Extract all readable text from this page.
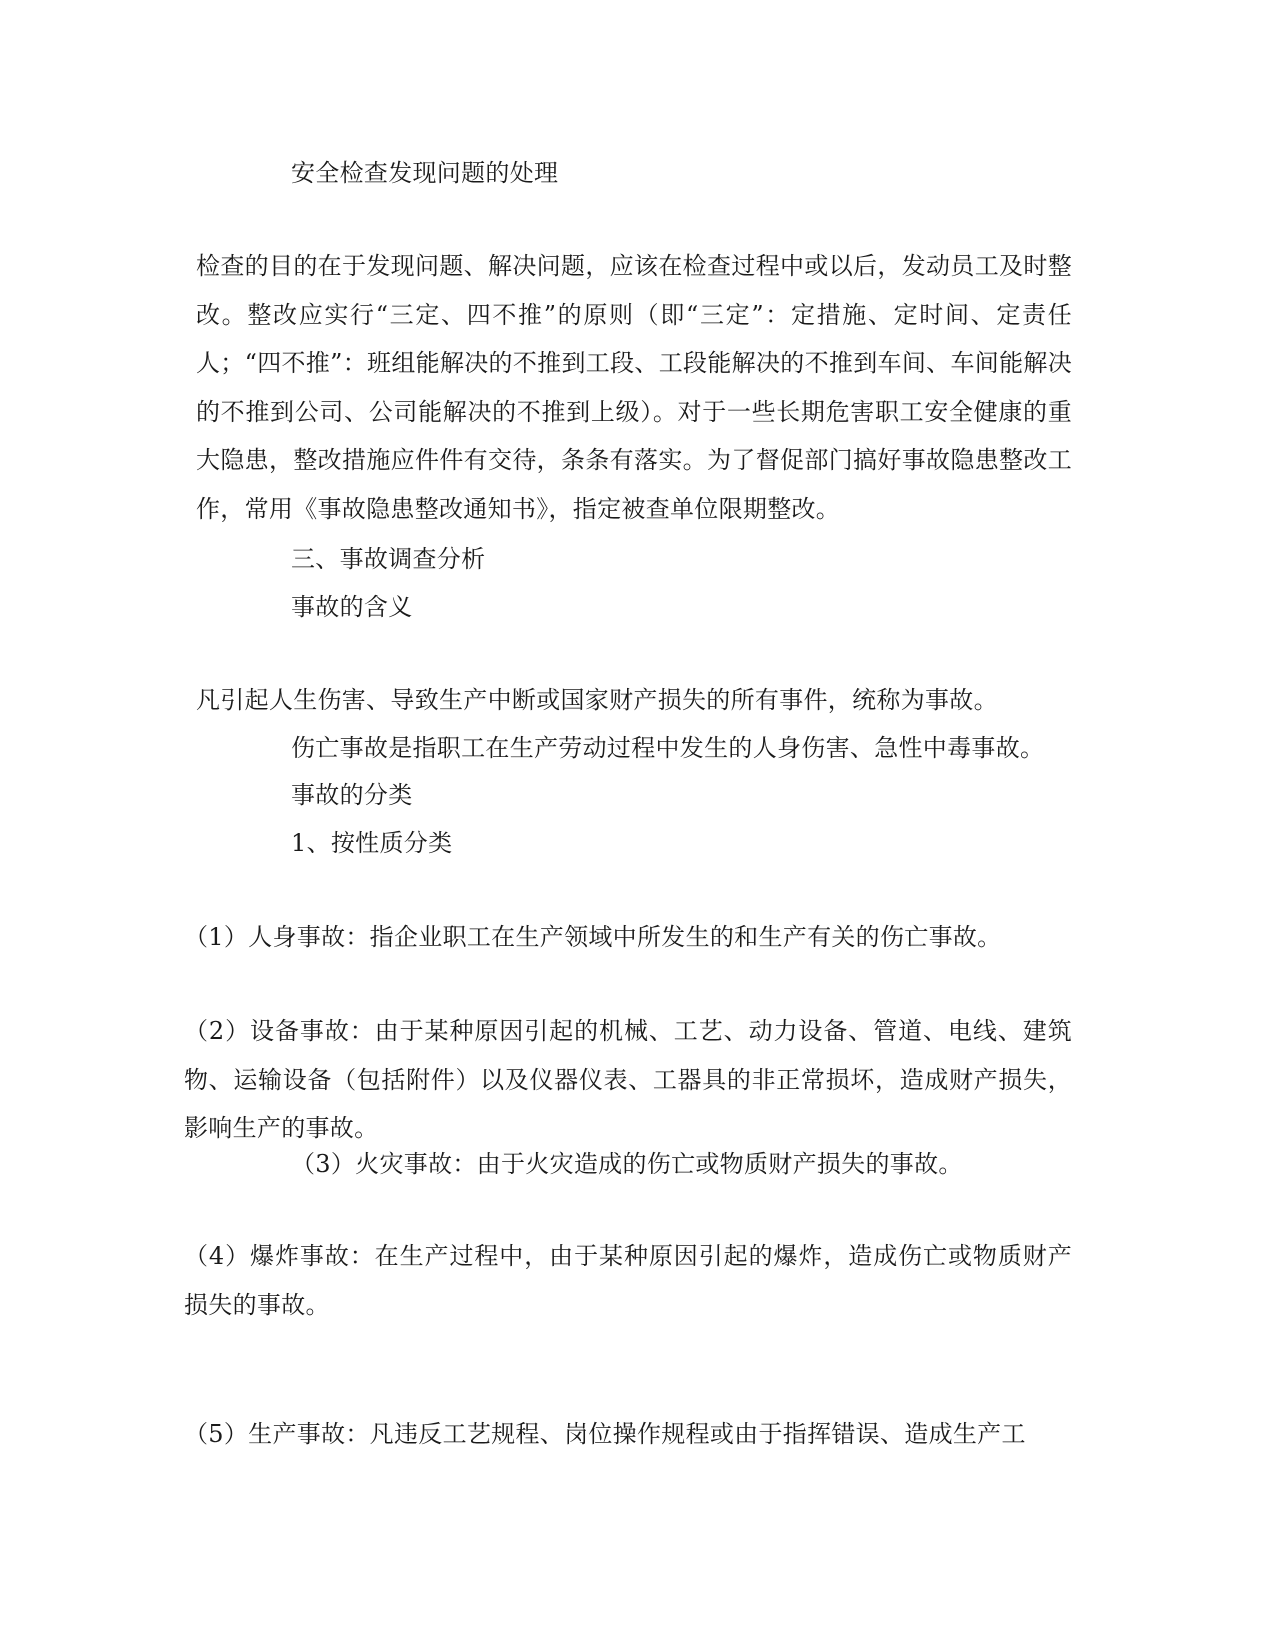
安全检查发现问题的处理
检查的目的在于发现问题、解决问题，应该在检查过程中或以后，发动员工及时整改。整改应实行“三定、四不推”的原则（即“三定”：定措施、定时间、定责任人；“四不推”：班组能解决的不推到工段、工段能解决的不推到车间、车间能解决的不推到公司、公司能解决的不推到上级）。对于一些长期危害职工安全健康的重大隐患，整改措施应件件有交待，条条有落实。为了督促部门搞好事故隐患整改工作，常用《事故隐患整改通知书》，指定被查单位限期整改。
三、事故调查分析
事故的含义
凡引起人生伤害、导致生产中断或国家财产损失的所有事件，统称为事故。
伤亡事故是指职工在生产劳动过程中发生的人身伤害、急性中毒事故。
事故的分类
1、按性质分类
（1）人身事故：指企业职工在生产领域中所发生的和生产有关的伤亡事故。
（2）设备事故：由于某种原因引起的机械、工艺、动力设备、管道、电线、建筑物、运输设备（包括附件）以及仪器仪表、工器具的非正常损坏，造成财产损失，影响生产的事故。
（3）火灾事故：由于火灾造成的伤亡或物质财产损失的事故。
（4）爆炸事故：在生产过程中，由于某种原因引起的爆炸，造成伤亡或物质财产损失的事故。
（5）生产事故：凡违反工艺规程、岗位操作规程或由于指挥错误、造成生产工
